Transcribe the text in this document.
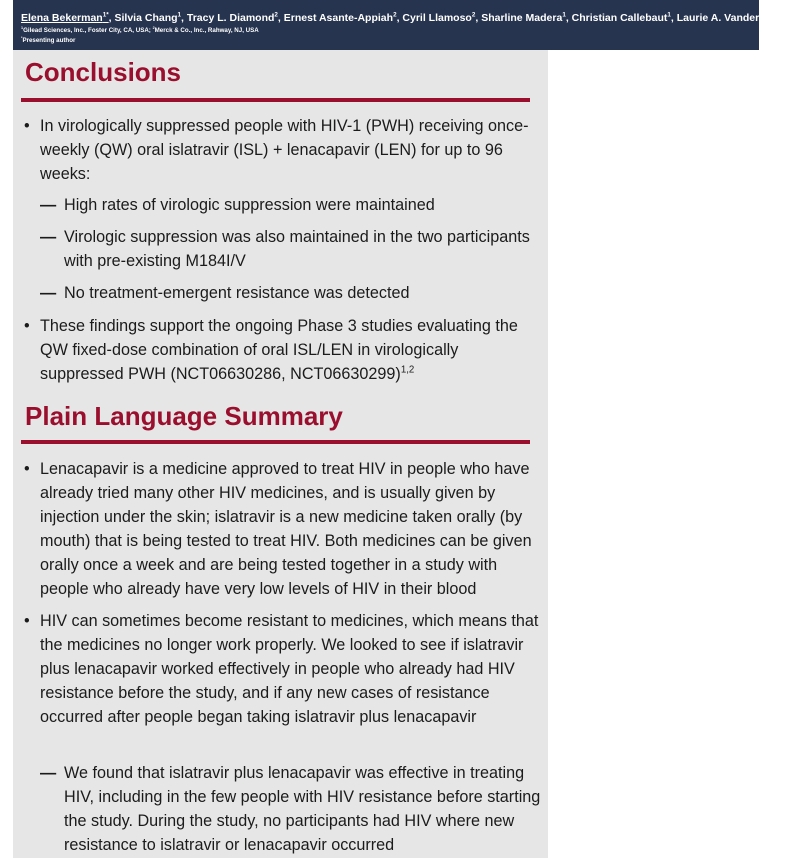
Elena Bekerman$^{1*}$, Silvia Chang$^1$, Tracy L. Diamond$^2$, Ernest Asante-Appiah$^2$, Cyril Llamoso$^2$, Sharline Madera$^1$, Christian Callebaut$^1$, Laurie A. VanderVeen$^1$
$^1$Gilead Sciences, Inc., Foster City, CA, USA; $^2$Merck & Co., Inc., Rahway, NJ, USA
*Presenting author
Conclusions
• In virologically suppressed people with HIV-1 (PWH) receiving once-weekly (QW) oral islatravir (ISL) + lenacapavir (LEN) for up to 96 weeks:

— High rates of virologic suppression were maintained

— Virologic suppression was also maintained in the two participants with pre-existing M184I/V

— No treatment-emergent resistance was detected

• These findings support the ongoing Phase 3 studies evaluating the QW fixed-dose combination of oral ISL/LEN in virologically suppressed PWH (NCT06630286, NCT06630299)$^{1,2}$

Plain Language Summary
• Lenacapavir is a medicine approved to treat HIV in people who have already tried many other HIV medicines, and is usually given by injection under the skin; islatravir is a new medicine taken orally (by mouth) that is being tested to treat HIV. Both medicines can be given orally once a week and are being tested together in a study with people who already have very low levels of HIV in their blood

• HIV can sometimes become resistant to medicines, which means that the medicines no longer work properly. We looked to see if islatravir plus lenacapavir worked effectively in people who already had HIV resistance before the study, and if any new cases of resistance occurred after people began taking islatravir plus lenacapavir

— We found that islatravir plus lenacapavir was effective in treating HIV, including in the few people with HIV resistance before starting the study. During the study, no participants had HIV where new resistance to islatravir or lenacapavir occurred
